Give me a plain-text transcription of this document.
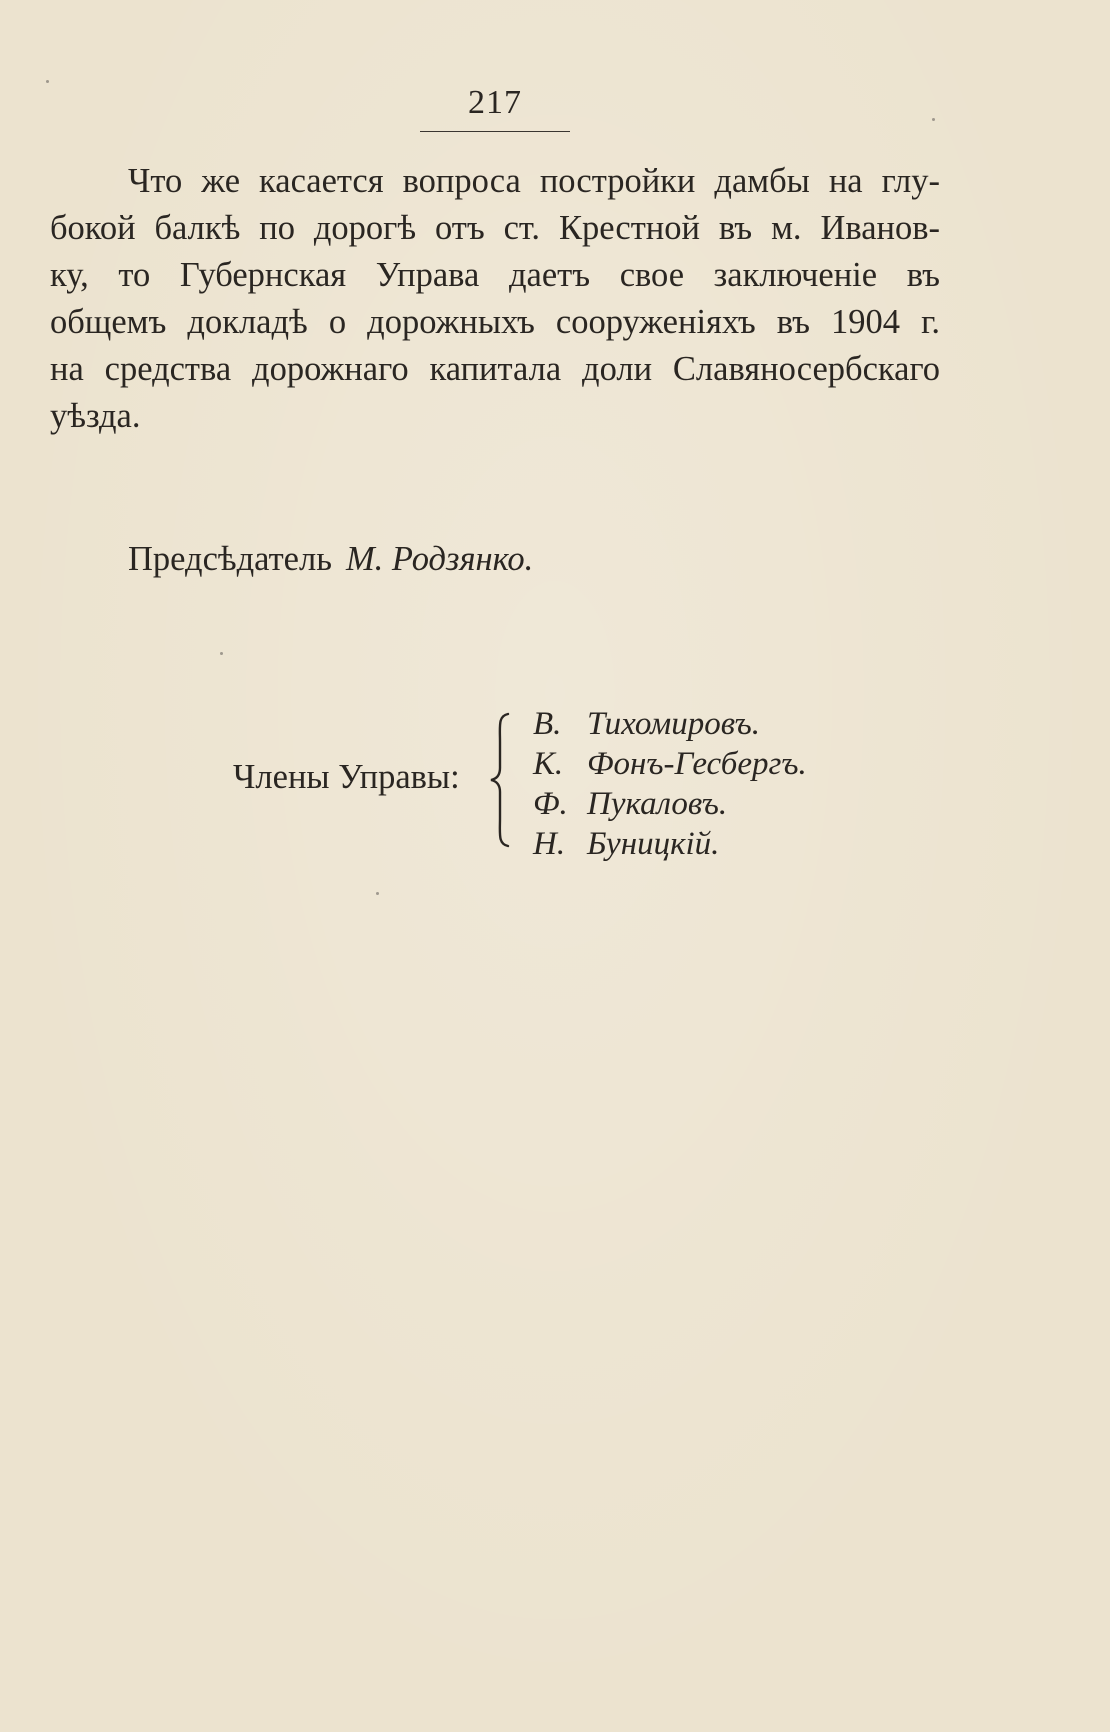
217
Что же касается вопроса постройки дамбы на глу-
бокой балкѣ по дорогѣ отъ ст. Крестной въ м. Иванов-
ку, то Губернская Управа даетъ свое заключенiе въ
общемъ докладѣ о дорожныхъ сооруженiяхъ въ 1904 г.
на средства дорожнаго капитала доли Славяносербскаго
уѣзда.
Предсѣдатель М. Родзянко.
Члены Управы:
В. Тихомировъ.
К. Фонъ-Гесбергъ.
Ф. Пукаловъ.
Н. Буницкiй.
